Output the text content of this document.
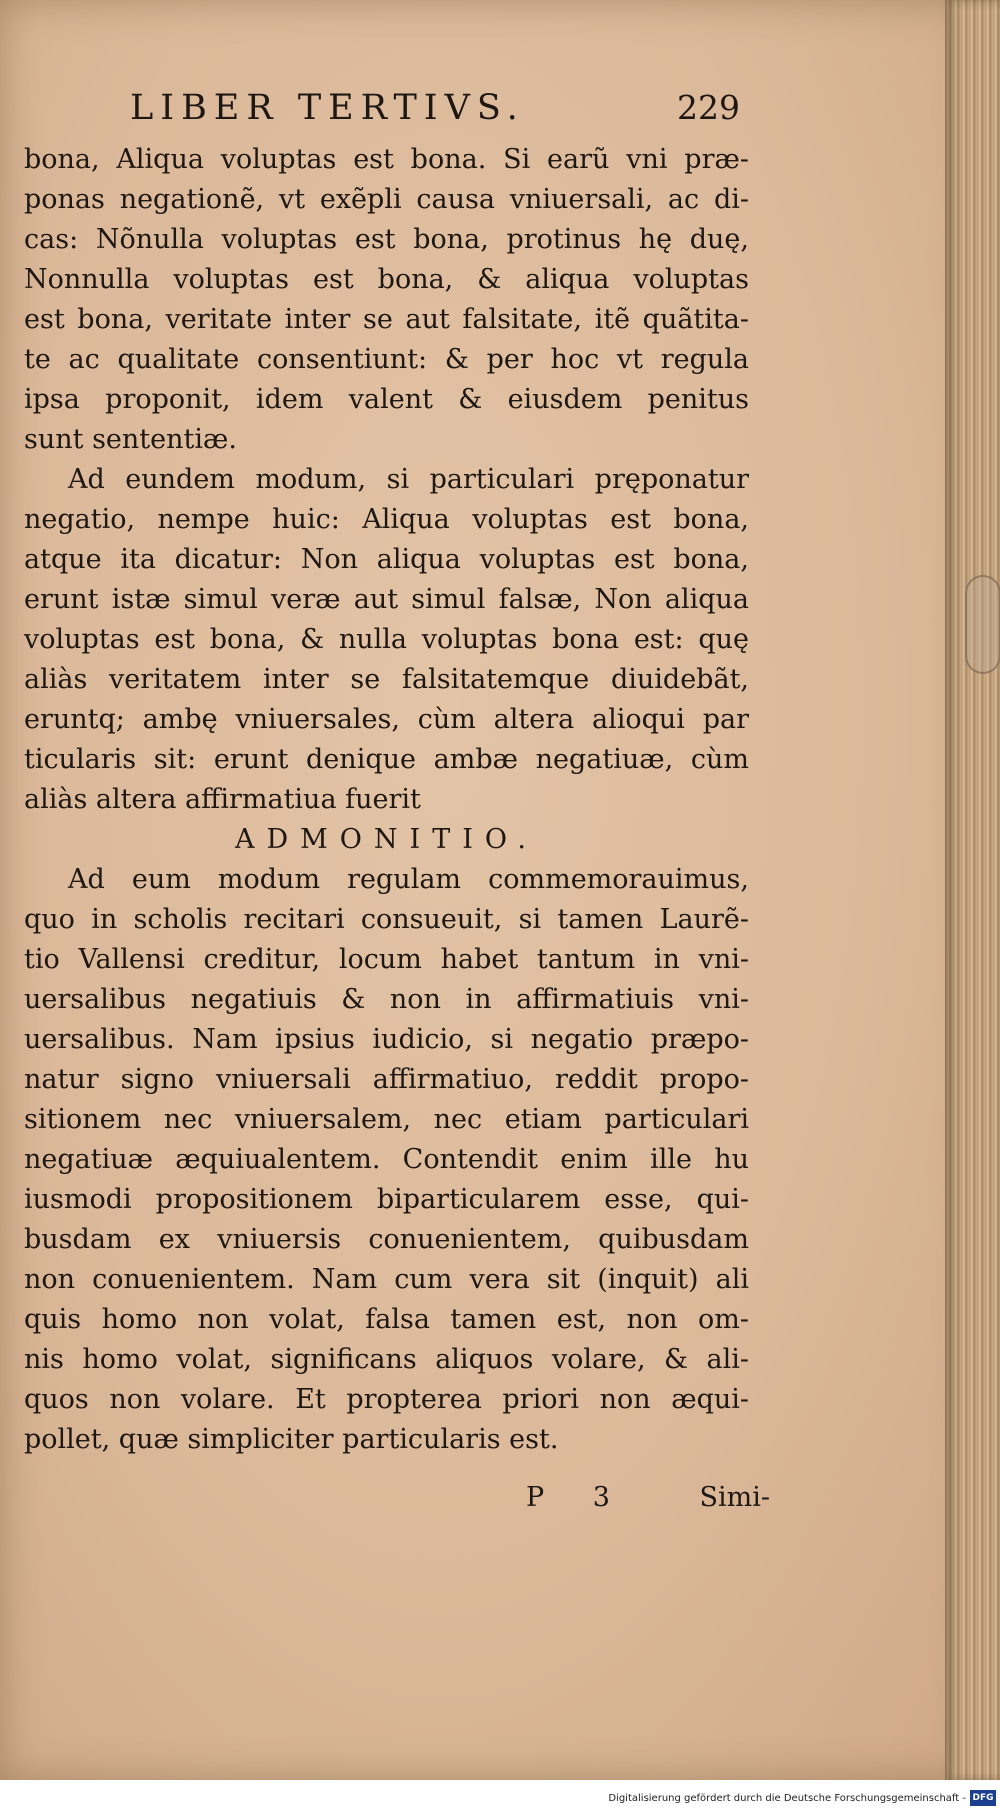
LIBER TERTIVS.	229
bona, Aliqua voluptas est bona. Si earũ vni præ-
ponas negationẽ, vt exẽpli causa vniuersali, ac di-
cas: Nõnulla voluptas est bona, protinus hę duę,
Nonnulla voluptas est bona, & aliqua voluptas
est bona, veritate inter se aut falsitate, itẽ quãtita-
te ac qualitate consentiunt: & per hoc vt regula
ipsa proponit, idem valent & eiusdem penitus
sunt sententiæ.
Ad eundem modum, si particulari pręponatur
negatio, nempe huic: Aliqua voluptas est bona,
atque ita dicatur: Non aliqua voluptas est bona,
erunt istæ simul veræ aut simul falsæ, Non aliqua
voluptas est bona, & nulla voluptas bona est: quę
aliàs veritatem inter se falsitatemque diuidebãt,
eruntq; ambę vniuersales, cùm altera alioqui par
ticularis sit: erunt denique ambæ negatiuæ, cùm
aliàs altera affirmatiua fuerit
ADMONITIO.
Ad eum modum regulam commemorauimus,
quo in scholis recitari consueuit, si tamen Laurẽ-
tio Vallensi creditur, locum habet tantum in vni-
uersalibus negatiuis & non in affirmatiuis vni-
uersalibus. Nam ipsius iudicio, si negatio præpo-
natur signo vniuersali affirmatiuo, reddit propo-
sitionem nec vniuersalem, nec etiam particulari
negatiuæ æquiualentem. Contendit enim ille hu
iusmodi propositionem biparticularem esse, qui-
busdam ex vniuersis conuenientem, quibusdam
non conuenientem. Nam cum vera sit (inquit) ali
quis homo non volat, falsa tamen est, non om-
nis homo volat, significans aliquos volare, & ali-
quos non volare. Et propterea priori non æqui-
pollet, quæ simpliciter particularis est.
P 3	Simi-
Digitalisierung gefördert durch die Deutsche Forschungsgemeinschaft - DFG
